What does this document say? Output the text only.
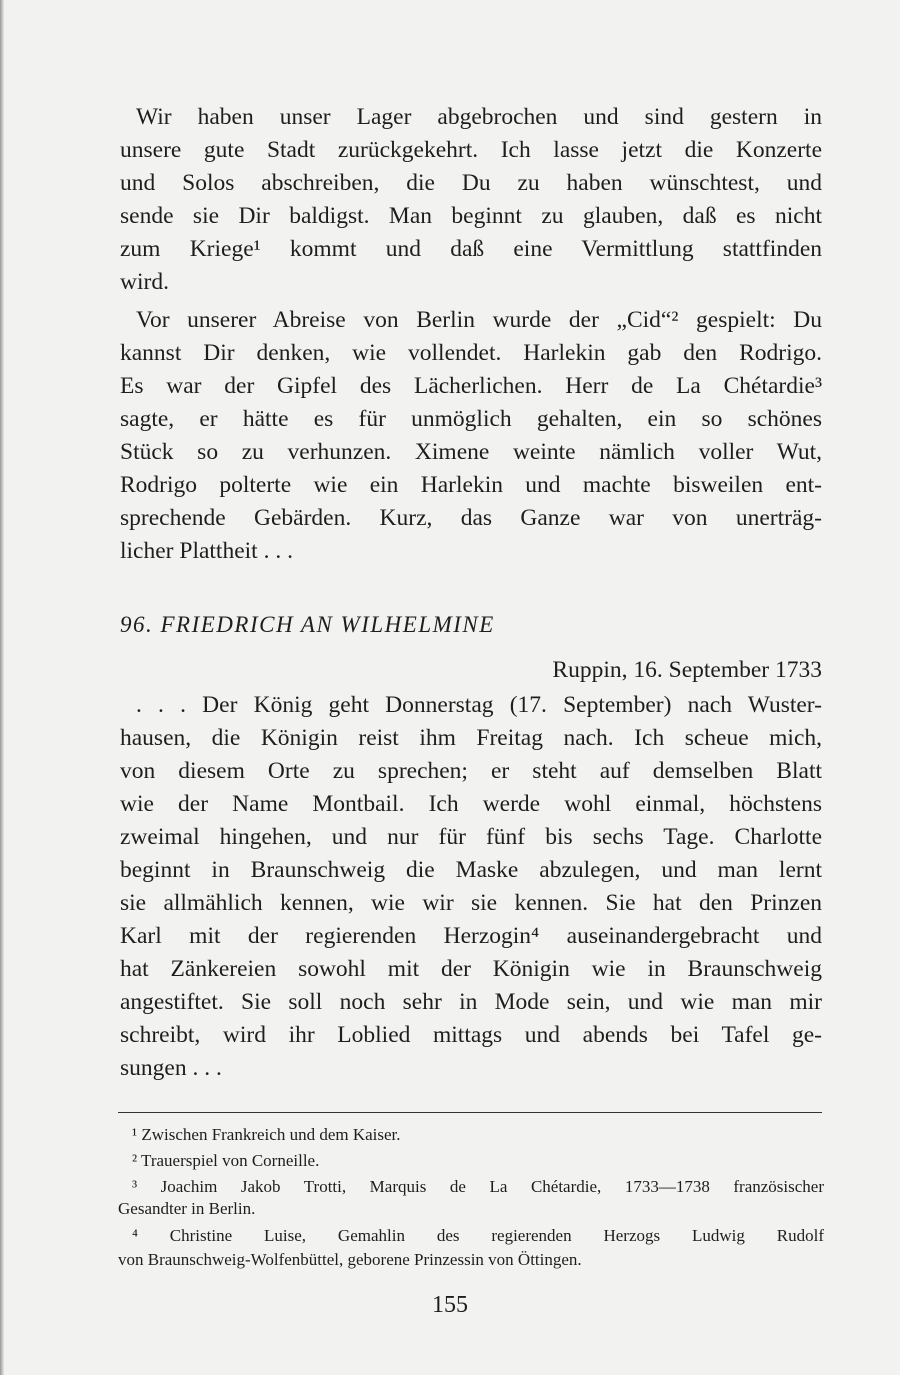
Wir haben unser Lager abgebrochen und sind gestern in
unsere gute Stadt zurückgekehrt. Ich lasse jetzt die Konzerte
und Solos abschreiben, die Du zu haben wünschtest, und
sende sie Dir baldigst. Man beginnt zu glauben, daß es nicht
zum Kriege¹ kommt und daß eine Vermittlung stattfinden
wird.
Vor unserer Abreise von Berlin wurde der „Cid“² gespielt: Du
kannst Dir denken, wie vollendet. Harlekin gab den Rodrigo.
Es war der Gipfel des Lächerlichen. Herr de La Chétardie³
sagte, er hätte es für unmöglich gehalten, ein so schönes
Stück so zu verhunzen. Ximene weinte nämlich voller Wut,
Rodrigo polterte wie ein Harlekin und machte bisweilen ent-
sprechende Gebärden. Kurz, das Ganze war von unerträg-
licher Plattheit . . .
96. FRIEDRICH AN WILHELMINE
Ruppin, 16. September 1733
. . . Der König geht Donnerstag (17. September) nach Wuster-
hausen, die Königin reist ihm Freitag nach. Ich scheue mich,
von diesem Orte zu sprechen; er steht auf demselben Blatt
wie der Name Montbail. Ich werde wohl einmal, höchstens
zweimal hingehen, und nur für fünf bis sechs Tage. Charlotte
beginnt in Braunschweig die Maske abzulegen, und man lernt
sie allmählich kennen, wie wir sie kennen. Sie hat den Prinzen
Karl mit der regierenden Herzogin⁴ auseinandergebracht und
hat Zänkereien sowohl mit der Königin wie in Braunschweig
angestiftet. Sie soll noch sehr in Mode sein, und wie man mir
schreibt, wird ihr Loblied mittags und abends bei Tafel ge-
sungen . . .
¹ Zwischen Frankreich und dem Kaiser.
² Trauerspiel von Corneille.
³ Joachim Jakob Trotti, Marquis de La Chétardie, 1733—1738 französischer
Gesandter in Berlin.
⁴ Christine Luise, Gemahlin des regierenden Herzogs Ludwig Rudolf
von Braunschweig-Wolfenbüttel, geborene Prinzessin von Öttingen.
155
